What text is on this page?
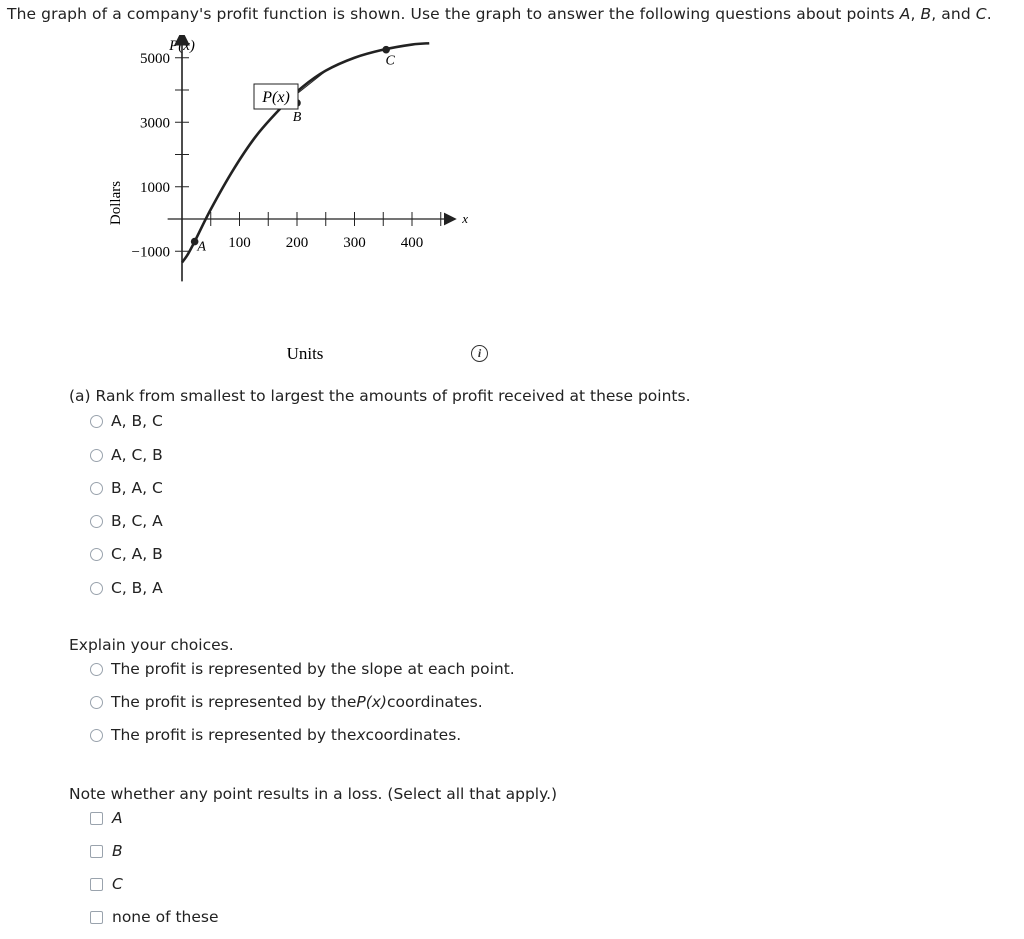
The graph of a company's profit function is shown. Use the graph to answer the following questions about points A, B, and C.
P(x)
Dollars
Units
x
100 200 300 400
5000
3000
1000
−1000 A
B
C
P(x)
i
(a) Rank from smallest to largest the amounts of profit received at these points.
A, B, C
A, C, B
B, A, C
B, C, A
C, A, B
C, B, A
Explain your choices.
The profit is represented by the slope at each point.
The profit is represented by the P(x) coordinates.
The profit is represented by the x coordinates.
Note whether any point results in a loss. (Select all that apply.)
A
B
C
none of these
